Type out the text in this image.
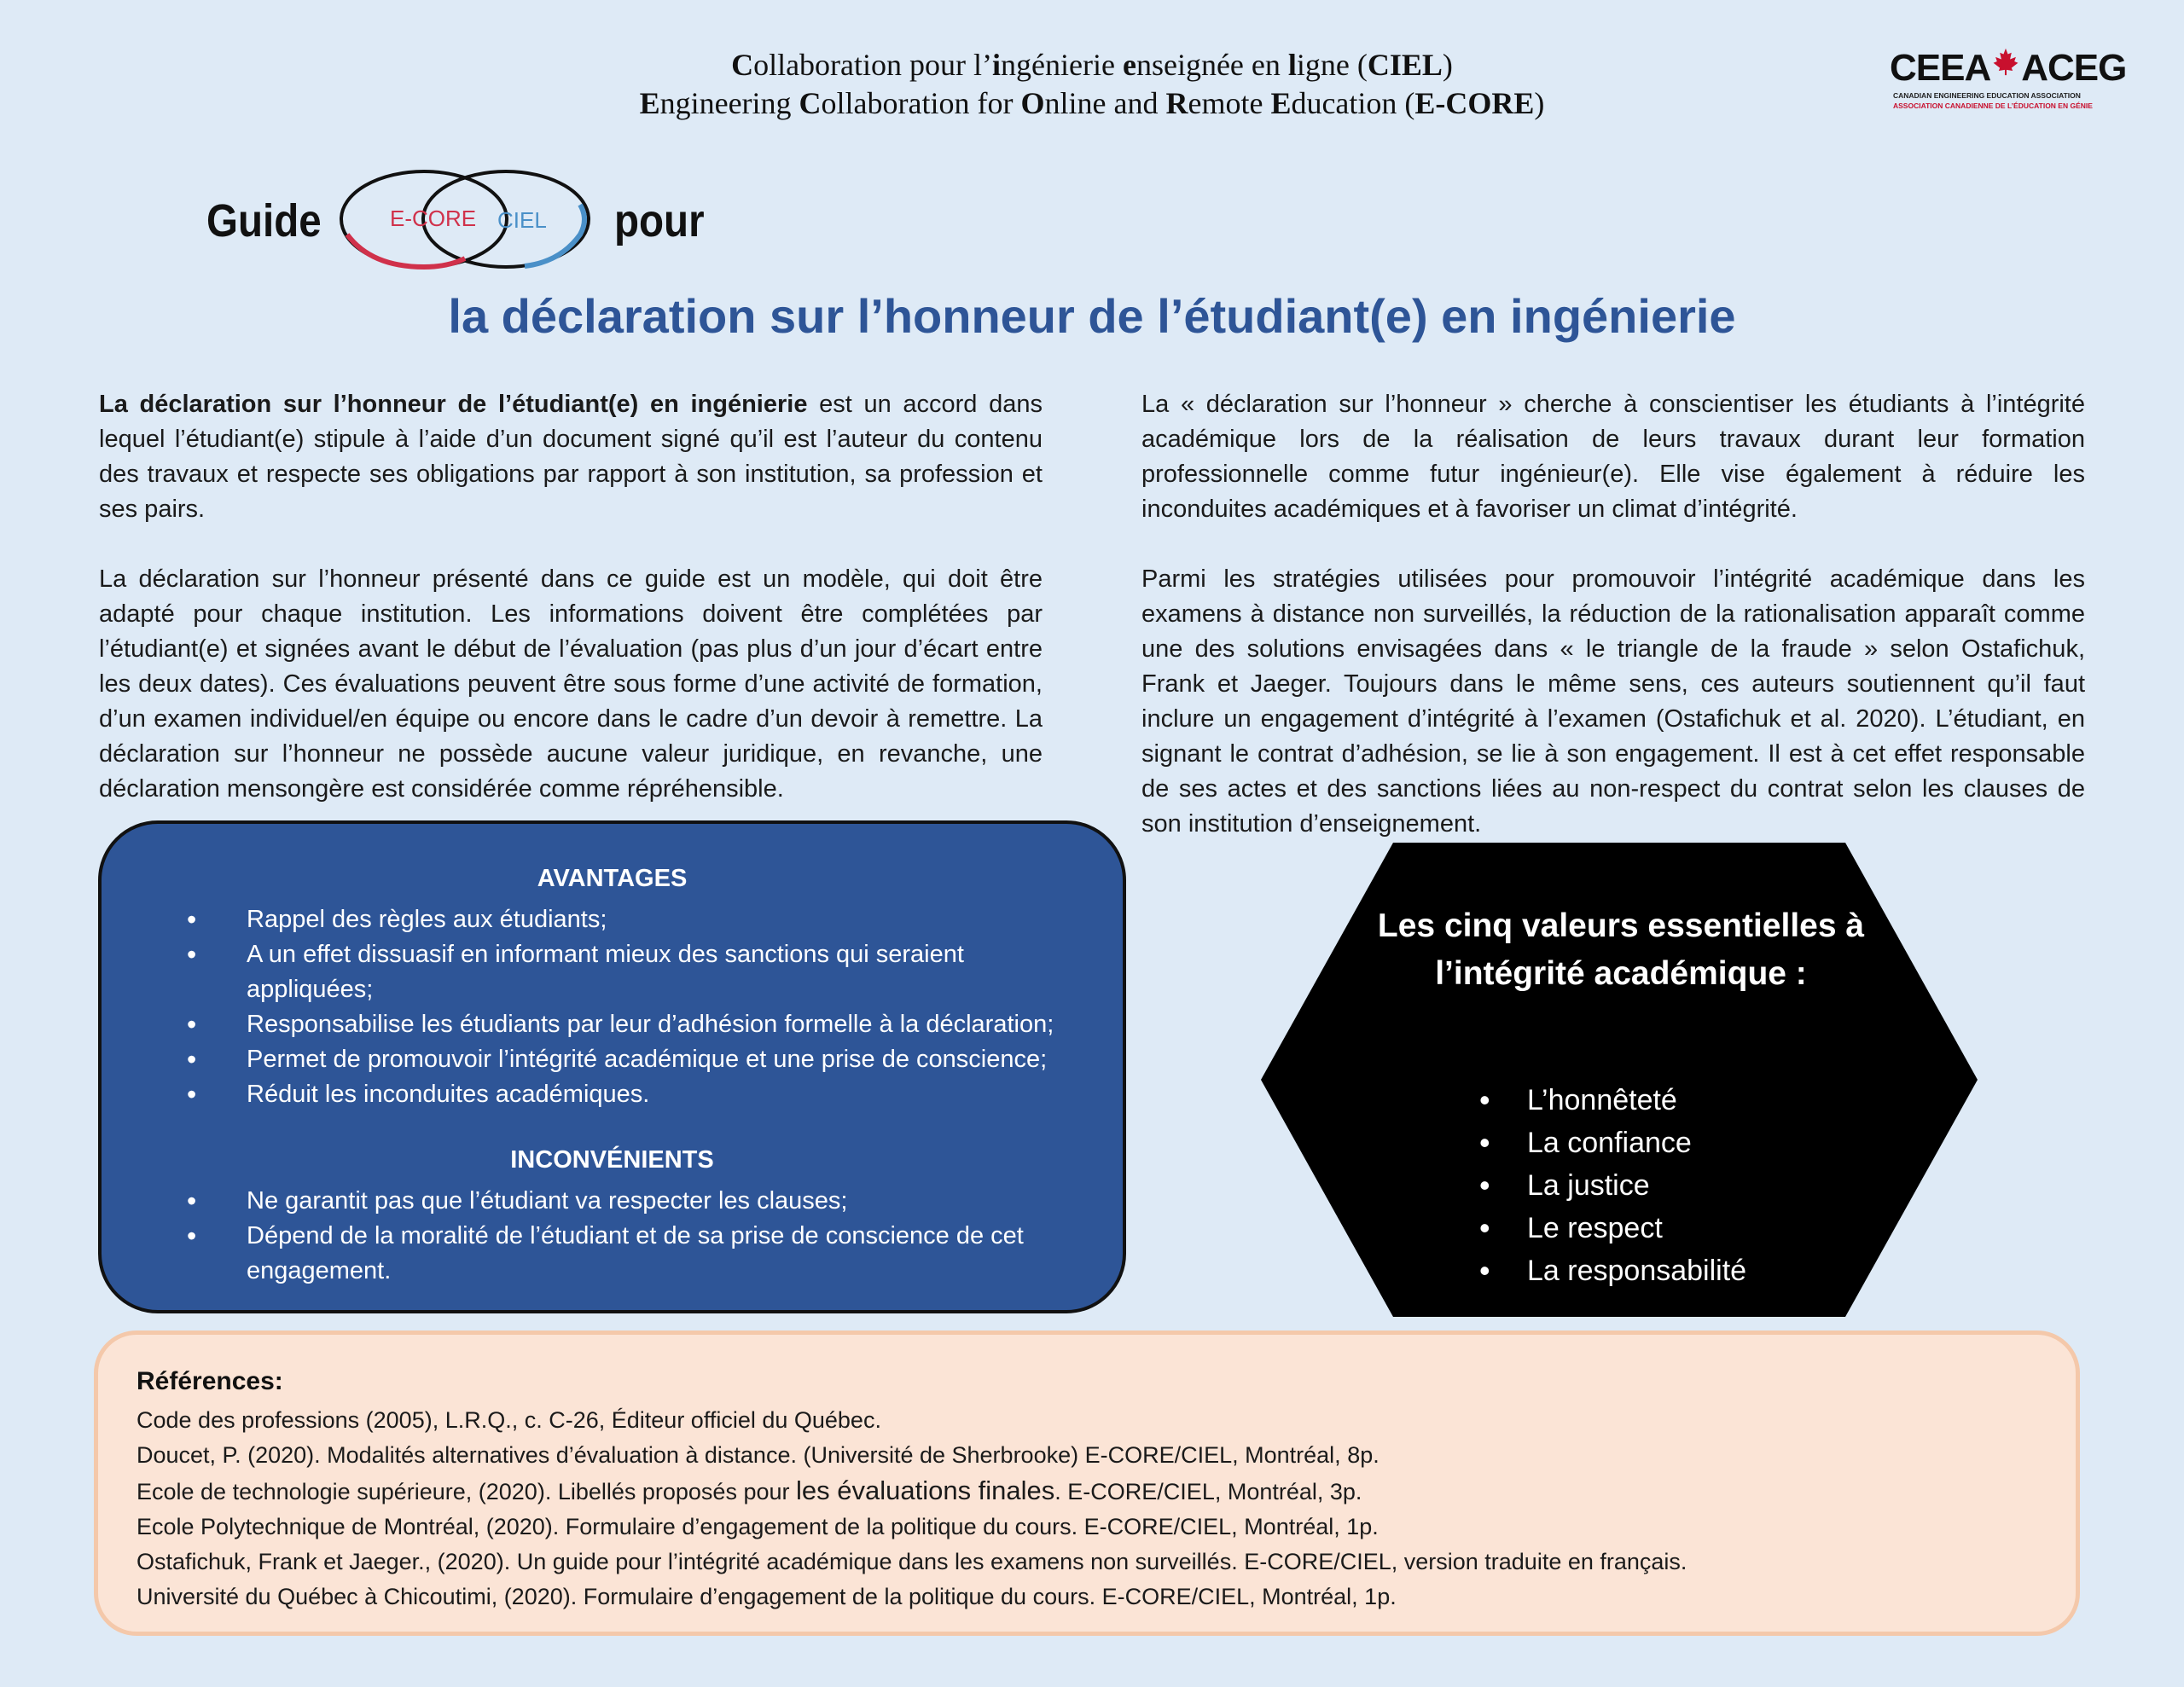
Collaboration pour l’ingénierie enseignée en ligne (CIEL)
Engineering Collaboration for Online and Remote Education (E-CORE)
CEEA ACEG
CANADIAN ENGINEERING EDUCATION ASSOCIATION
ASSOCIATION CANADIENNE DE L’ÉDUCATION EN GÉNIE
Guide	E-CORE CIEL pour
la déclaration sur l’honneur de l’étudiant(e) en ingénierie

La déclaration sur l’honneur de l’étudiant(e) en ingénierie est un accord dans lequel l’étudiant(e) stipule à l’aide d’un document signé qu’il est l’auteur du contenu des travaux et respecte ses obligations par rapport à son institution, sa profession et ses pairs.

La déclaration sur l’honneur présenté dans ce guide est un modèle, qui doit être adapté pour chaque institution. Les informations doivent être complétées par l’étudiant(e) et signées avant le début de l’évaluation (pas plus d’un jour d’écart entre les deux dates). Ces évaluations peuvent être sous forme d’une activité de formation, d’un examen individuel/en équipe ou encore dans le cadre d’un devoir à remettre. La déclaration sur l’honneur ne possède aucune valeur juridique, en revanche, une déclaration mensongère est considérée comme répréhensible.

La « déclaration sur l’honneur » cherche à conscientiser les étudiants à l’intégrité académique lors de la réalisation de leurs travaux durant leur formation professionnelle comme futur ingénieur(e). Elle vise également à réduire les inconduites académiques et à favoriser un climat d’intégrité.

Parmi les stratégies utilisées pour promouvoir l’intégrité académique dans les examens à distance non surveillés, la réduction de la rationalisation apparaît comme une des solutions envisagées dans « le triangle de la fraude » selon Ostafichuk, Frank et Jaeger. Toujours dans le même sens, ces auteurs soutiennent qu’il faut inclure un engagement d’intégrité à l’examen (Ostafichuk et al. 2020). L’étudiant, en signant le contrat d’adhésion, se lie à son engagement. Il est à cet effet responsable de ses actes et des sanctions liées au non-respect du contrat selon les clauses de son institution d’enseignement.

AVANTAGES
• Rappel des règles aux étudiants;
• A un effet dissuasif en informant mieux des sanctions qui seraient appliquées;
• Responsabilise les étudiants par leur d’adhésion formelle à la déclaration;
• Permet de promouvoir l’intégrité académique et une prise de conscience;
• Réduit les inconduites académiques.
INCONVÉNIENTS
• Ne garantit pas que l’étudiant va respecter les clauses;
• Dépend de la moralité de l’étudiant et de sa prise de conscience de cet engagement.
Les cinq valeurs essentielles à l’intégrité académique :
• L’honnêteté
• La confiance
• La justice
• Le respect
• La responsabilité
Références:
Code des professions (2005), L.R.Q., c. C-26, Éditeur officiel du Québec.
Doucet, P. (2020). Modalités alternatives d’évaluation à distance. (Université de Sherbrooke) E-CORE/CIEL, Montréal, 8p.
Ecole de technologie supérieure, (2020). Libellés proposés pour les évaluations finales. E-CORE/CIEL, Montréal, 3p.
Ecole Polytechnique de Montréal, (2020). Formulaire d’engagement de la politique du cours. E-CORE/CIEL, Montréal, 1p.
Ostafichuk, Frank et Jaeger., (2020). Un guide pour l’intégrité académique dans les examens non surveillés. E-CORE/CIEL, version traduite en français.
Université du Québec à Chicoutimi, (2020). Formulaire d’engagement de la politique du cours. E-CORE/CIEL, Montréal, 1p.
